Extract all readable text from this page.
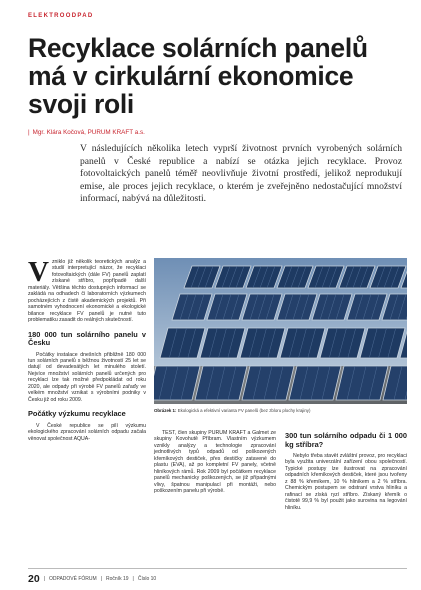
ELEKTROODPAD
Recyklace solárních panelů má v cirkulární ekonomice svoji roli
| Mgr. Klára Kočová, PURUM KRAFT a.s.

V následujících několika letech vyprší životnost prvních vyrobených solárních panelů v České republice a nabízí se otázka jejich recyklace. Provoz fotovoltaických panelů téměř neovlivňuje životní prostředí, jelikož neprodukují emise, ale proces jejich recyklace, o kterém je zveřejněno nedostačující množství informací, nabývá na důležitosti.

Vzniklo již několik teoretických analýz a studií interpretující názor, že recyklaci fotovoltaických (dále FV) panelů zaplatí získané stříbro, popřípadě další materiály. Většina těchto dostupných informací se zakládá na odhadech či laboratorních výzkumech pocházejících z čistě akademických projektů. Při samotném vyhodnocení ekonomické a ekologické bilance recyklace FV panelů je nutné tuto problematiku zasadit do reálných skutečností.

180 000 tun solárního panelu v Česku

Počátky instalace dnešních přibližně 180 000 tun solárních panelů s běžnou životností 25 let se datují od devadesátých let minulého století. Nejvíce množství solárních panelů určených pro recyklaci lze tak možné předpokládat od roku 2020, ale odpady při výrobě FV panelů zařaďy ve velkém množství vznikat s výrobními podniky v Česku již od roku 2009.

Počátky výzkumu recyklace

V České republice se pilí výzkumu ekologického zpracování solárních odpadu začala věnovat společnost AQUA-

Obrázek 1: Ekologická a efektivní varianta FV panelů (bez zbloru plochy krajiny)

TEST, člen skupiny PURUM KRAFT a Galmet ze skupiny Kovohutě Příbram. Vlastním výzkumem vznikly analýzy a technologie zpracování jednotlivých typů odpadů od poškozených křemíkových destiček, přes destičky zatavené do plastu (EVA), až po kompletní FV panely, včetně hliníkových rámů. Rok 2009 byl počátkem recyklace panelů mechanicky poškozených, se již případnými vlivy, špatnou manipulací při montáži, nebo poškozením panelu při výrobě.

300 tun solárního odpadu či 1 000 kg stříbra?

Nebylo třeba stavět zvláštní provoz, pro recyklaci byla využita univerzální zařízení obou společností. Typické postupy lze ilustrovat na zpracování odpadních křemíkových destiček, které jsou tvořeny z 88 % křemíkem, 10 % hliníkem a 2 % stříbra. Chemickým postupem se odstraní vrstva hliníku a rafinací se získá ryzí stříbro. Získaný křemík o čistotě 99,9 % byl použit jako surovina na legování hliníku.

20 | ODPADOVÉ FÓRUM | Ročník 19 | Číslo 10
